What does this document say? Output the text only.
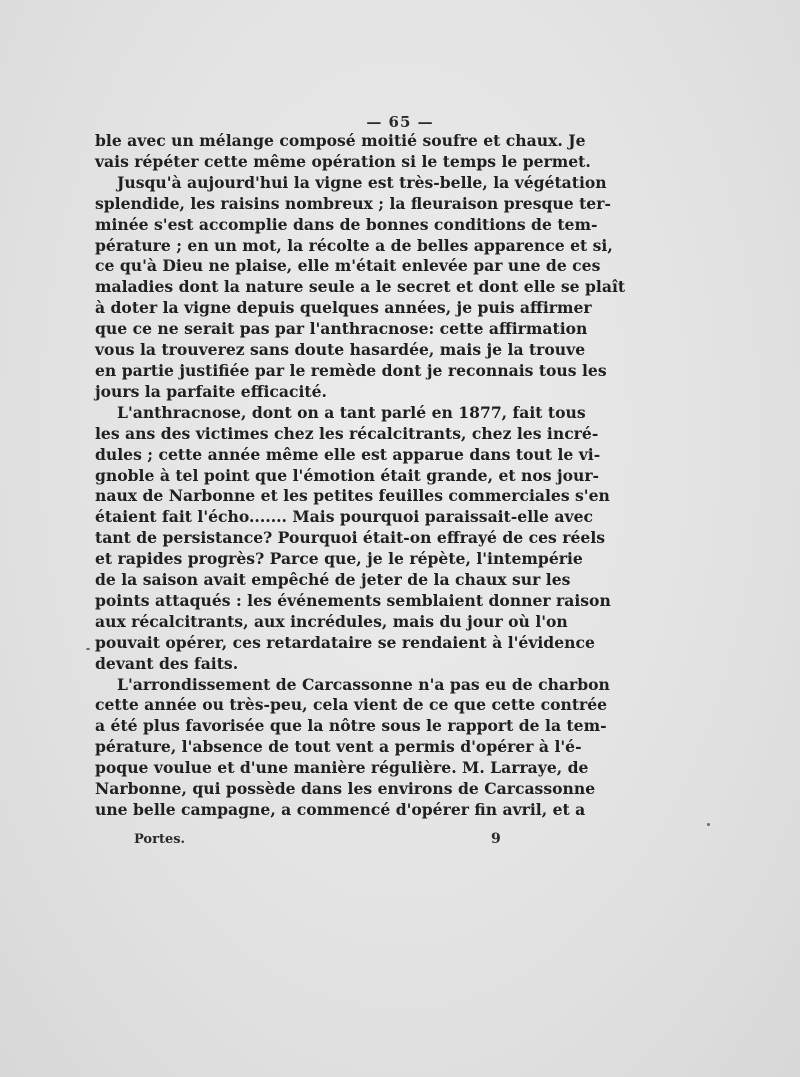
— 65 —
ble avec un mélange composé moitié soufre et chaux. Je
vais répéter cette même opération si le temps le permet.
Jusqu'à aujourd'hui la vigne est très-belle, la végétation
splendide, les raisins nombreux ; la fleuraison presque ter-
minée s'est accomplie dans de bonnes conditions de tem-
pérature ; en un mot, la récolte a de belles apparence et si,
ce qu'à Dieu ne plaise, elle m'était enlevée par une de ces
maladies dont la nature seule a le secret et dont elle se plaît
à doter la vigne depuis quelques années, je puis affirmer
que ce ne serait pas par l'anthracnose: cette affirmation
vous la trouverez sans doute hasardée, mais je la trouve
en partie justifiée par le remède dont je reconnais tous les
jours la parfaite efficacité.
L'anthracnose, dont on a tant parlé en 1877, fait tous
les ans des victimes chez les récalcitrants, chez les incré-
dules ; cette année même elle est apparue dans tout le vi-
gnoble à tel point que l'émotion était grande, et nos jour-
naux de Narbonne et les petites feuilles commerciales s'en
étaient fait l'écho....... Mais pourquoi paraissait-elle avec
tant de persistance? Pourquoi était-on effrayé de ces réels
et rapides progrès? Parce que, je le répète, l'intempérie
de la saison avait empêché de jeter de la chaux sur les
points attaqués : les événements semblaient donner raison
aux récalcitrants, aux incrédules, mais du jour où l'on
pouvait opérer, ces retardataire se rendaient à l'évidence
devant des faits.
L'arrondissement de Carcassonne n'a pas eu de charbon
cette année ou très-peu, cela vient de ce que cette contrée
a été plus favorisée que la nôtre sous le rapport de la tem-
pérature, l'absence de tout vent a permis d'opérer à l'é-
poque voulue et d'une manière régulière. M. Larraye, de
Narbonne, qui possède dans les environs de Carcassonne
une belle campagne, a commencé d'opérer fin avril, et a
Portes.	9
